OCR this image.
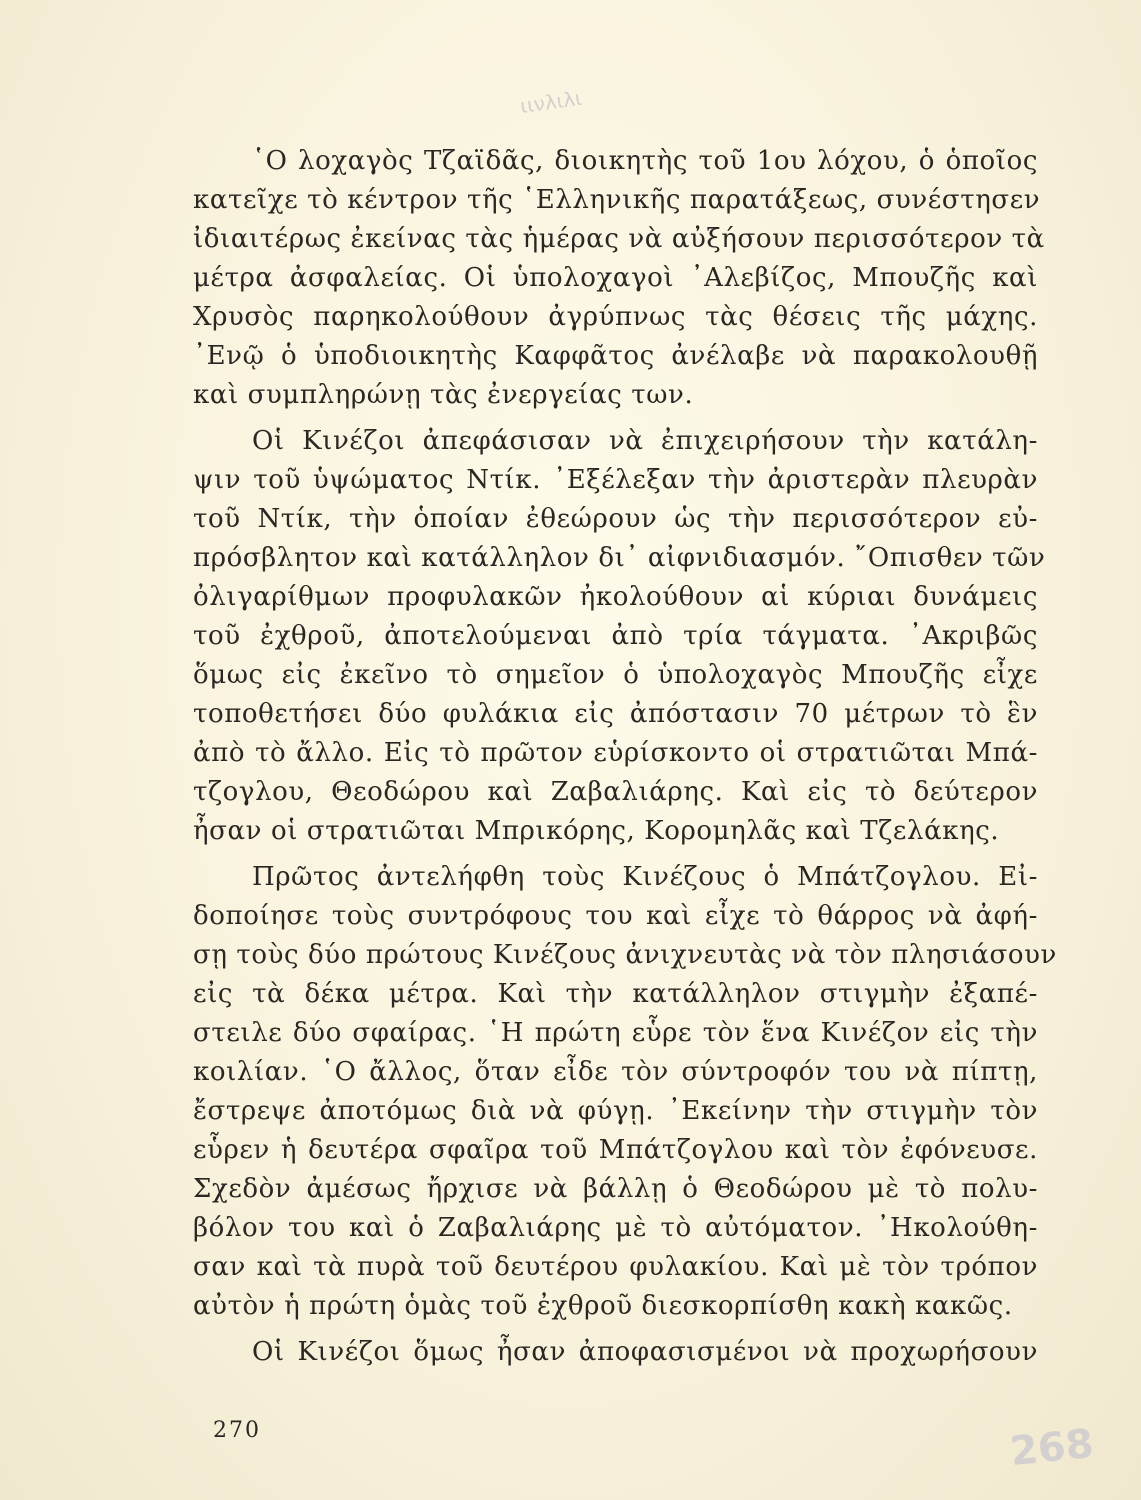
ιινλιλι
῾Ο λοχαγὸς Τζαϊδᾶς, διοικητὴς τοῦ 1ου λόχου, ὁ ὁποῖος
κατεῖχε τὸ κέντρον τῆς ῾Ελληνικῆς παρατάξεως, συνέστησεν
ἰδιαιτέρως ἐκείνας τὰς ἡμέρας νὰ αὐξήσουν περισσότερον τὰ
μέτρα ἀσφαλείας. Οἱ ὑπολοχαγοὶ ᾿Αλεβίζος, Μπουζῆς καὶ
Χρυσὸς παρηκολούθουν ἀγρύπνως τὰς θέσεις τῆς μάχης.
᾿Ενῷ ὁ ὑποδιοικητὴς Καφφᾶτος ἀνέλαβε νὰ παρακολουθῇ
καὶ συμπληρώνῃ τὰς ἐνεργείας των.
Οἱ Κινέζοι ἀπεφάσισαν νὰ ἐπιχειρήσουν τὴν κατάλη-
ψιν τοῦ ὑψώματος Ντίκ. ᾿Εξέλεξαν τὴν ἀριστερὰν πλευρὰν
τοῦ Ντίκ, τὴν ὁποίαν ἐθεώρουν ὡς τὴν περισσότερον εὐ-
πρόσβλητον καὶ κατάλληλον δι᾿ αἰφνιδιασμόν. ῎Οπισθεν τῶν
ὀλιγαρίθμων προφυλακῶν ἠκολούθουν αἱ κύριαι δυνάμεις
τοῦ ἐχθροῦ, ἀποτελούμεναι ἀπὸ τρία τάγματα. ᾿Ακριβῶς
ὅμως εἰς ἐκεῖνο τὸ σημεῖον ὁ ὑπολοχαγὸς Μπουζῆς εἶχε
τοποθετήσει δύο φυλάκια εἰς ἀπόστασιν 70 μέτρων τὸ ἓν
ἀπὸ τὸ ἄλλο. Εἰς τὸ πρῶτον εὑρίσκοντο οἱ στρατιῶται Μπά-
τζογλου, Θεοδώρου καὶ Ζαβαλιάρης. Καὶ εἰς τὸ δεύτερον
ἦσαν οἱ στρατιῶται Μπρικόρης, Κορομηλᾶς καὶ Τζελάκης.
Πρῶτος ἀντελήφθη τοὺς Κινέζους ὁ Μπάτζογλου. Εἰ-
δοποίησε τοὺς συντρόφους του καὶ εἶχε τὸ θάρρος νὰ ἀφή-
σῃ τοὺς δύο πρώτους Κινέζους ἀνιχνευτὰς νὰ τὸν πλησιάσουν
εἰς τὰ δέκα μέτρα. Καὶ τὴν κατάλληλον στιγμὴν ἐξαπέ-
στειλε δύο σφαίρας. ῾Η πρώτη εὗρε τὸν ἕνα Κινέζον εἰς τὴν
κοιλίαν. ῾Ο ἄλλος, ὅταν εἶδε τὸν σύντροφόν του νὰ πίπτῃ,
ἔστρεψε ἀποτόμως διὰ νὰ φύγῃ. ᾿Εκείνην τὴν στιγμὴν τὸν
εὗρεν ἡ δευτέρα σφαῖρα τοῦ Μπάτζογλου καὶ τὸν ἐφόνευσε.
Σχεδὸν ἀμέσως ἤρχισε νὰ βάλλῃ ὁ Θεοδώρου μὲ τὸ πολυ-
βόλον του καὶ ὁ Ζαβαλιάρης μὲ τὸ αὐτόματον. ᾿Ηκολούθη-
σαν καὶ τὰ πυρὰ τοῦ δευτέρου φυλακίου. Καὶ μὲ τὸν τρόπον
αὐτὸν ἡ πρώτη ὁμὰς τοῦ ἐχθροῦ διεσκορπίσθη κακὴ κακῶς.
Οἱ Κινέζοι ὅμως ἦσαν ἀποφασισμένοι νὰ προχωρήσουν
270	268
